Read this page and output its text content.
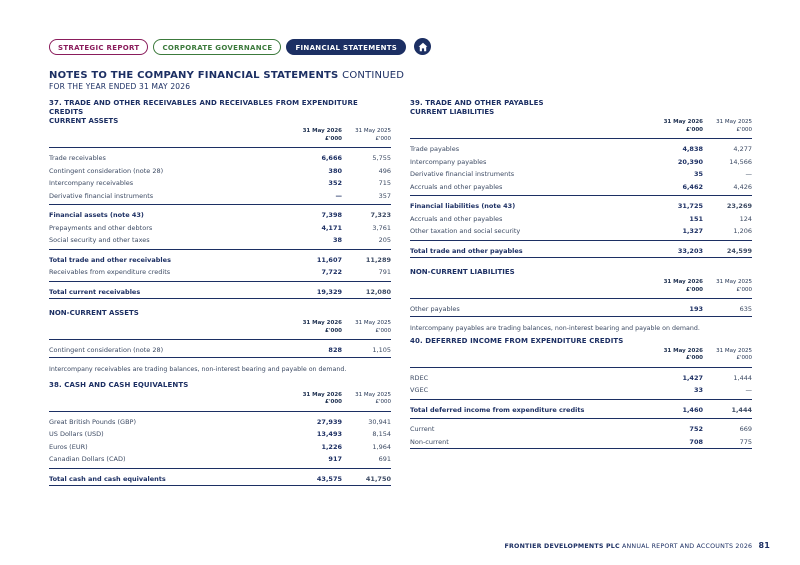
STRATEGIC REPORT	CORPORATE GOVERNANCE	FINANCIAL STATEMENTS
NOTES TO THE COMPANY FINANCIAL STATEMENTS CONTINUED
FOR THE YEAR ENDED 31 MAY 2026
37. TRADE AND OTHER RECEIVABLES AND RECEIVABLES FROM EXPENDITURE CREDITS
CURRENT ASSETS
31 May 2026
£'000
31 May 2025
£'000
Trade receivables	6,666	5,755
Contingent consideration (note 28)	380	496
Intercompany receivables	352	715
Derivative financial instruments	—	357
Financial assets (note 43)	7,398	7,323
Prepayments and other debtors	4,171	3,761
Social security and other taxes	38	205
Total trade and other receivables	11,607	11,289
Receivables from expenditure credits	7,722	791
Total current receivables	19,329	12,080
NON-CURRENT ASSETS
31 May 2026
£'000
31 May 2025
£'000
Contingent consideration (note 28)	828	1,105
Intercompany receivables are trading balances, non-interest bearing and payable on demand.
38. CASH AND CASH EQUIVALENTS
31 May 2026
£'000
31 May 2025
£'000
Great British Pounds (GBP)	27,939	30,941
US Dollars (USD)	13,493	8,154
Euros (EUR)	1,226	1,964
Canadian Dollars (CAD)	917	691
Total cash and cash equivalents	43,575	41,750
39. TRADE AND OTHER PAYABLES
CURRENT LIABILITIES
31 May 2026
£'000
31 May 2025
£'000
Trade payables	4,838	4,277
Intercompany payables	20,390	14,566
Derivative financial instruments	35	—
Accruals and other payables	6,462	4,426
Financial liabilities (note 43)	31,725	23,269
Accruals and other payables	151	124
Other taxation and social security	1,327	1,206
Total trade and other payables	33,203	24,599
NON-CURRENT LIABILITIES
31 May 2026
£'000
31 May 2025
£'000
Other payables	193	635
Intercompany payables are trading balances, non-interest bearing and payable on demand.
40. DEFERRED INCOME FROM EXPENDITURE CREDITS
31 May 2026
£'000
31 May 2025
£'000
RDEC	1,427	1,444
VGEC	33	—
Total deferred income from expenditure credits	1,460	1,444
Current	752	669
Non-current	708	775
FRONTIER DEVELOPMENTS PLC ANNUAL REPORT AND ACCOUNTS 2026 81
